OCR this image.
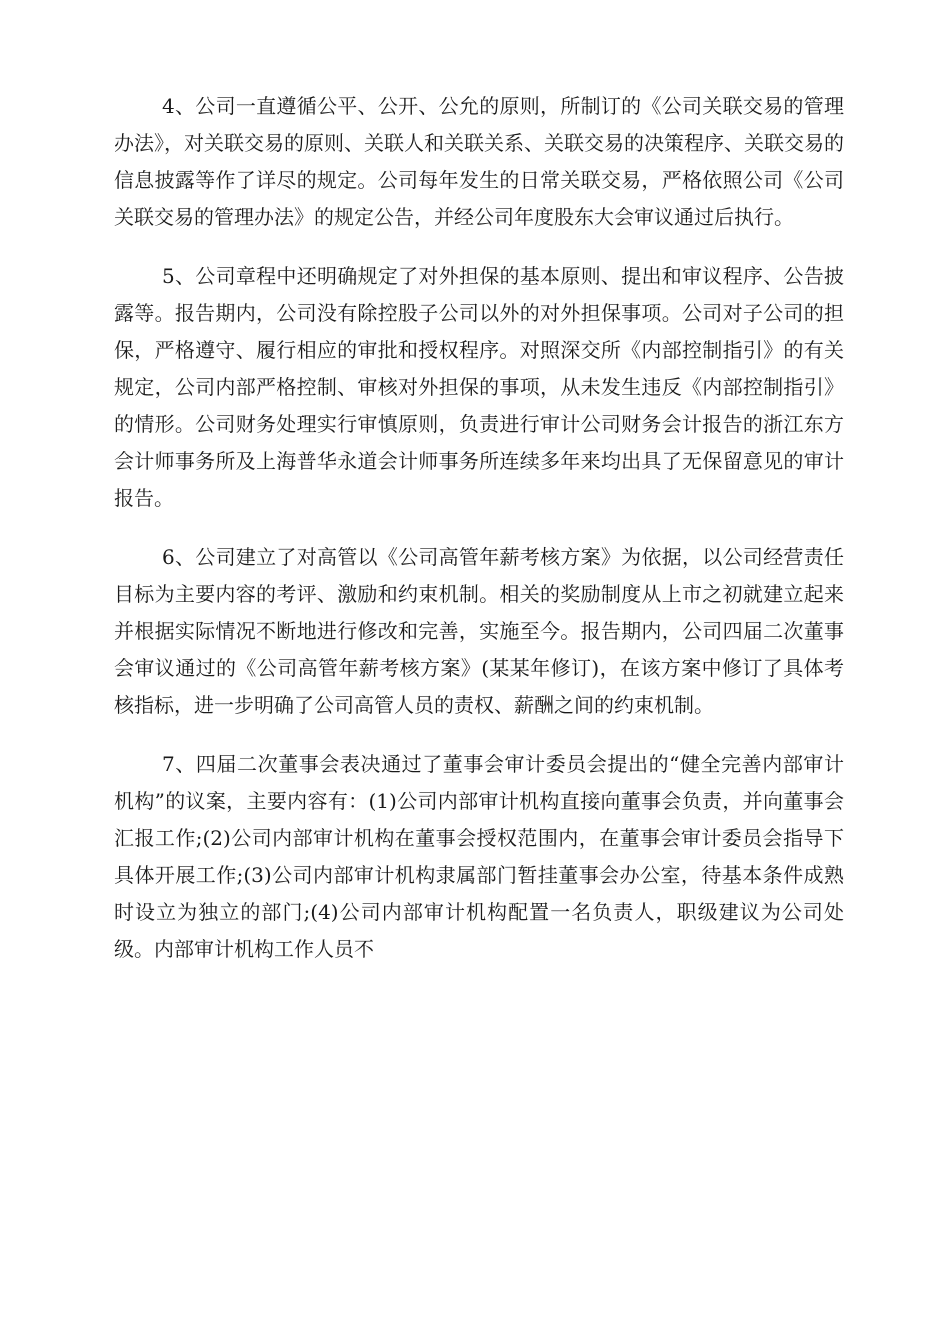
4、公司一直遵循公平、公开、公允的原则，所制订的《公司关联交易的管理办法》，对关联交易的原则、关联人和关联关系、关联交易的决策程序、关联交易的信息披露等作了详尽的规定。公司每年发生的日常关联交易，严格依照公司《公司关联交易的管理办法》的规定公告，并经公司年度股东大会审议通过后执行。

5、公司章程中还明确规定了对外担保的基本原则、提出和审议程序、公告披露等。报告期内，公司没有除控股子公司以外的对外担保事项。公司对子公司的担保，严格遵守、履行相应的审批和授权程序。对照深交所《内部控制指引》的有关规定，公司内部严格控制、审核对外担保的事项，从未发生违反《内部控制指引》的情形。公司财务处理实行审慎原则，负责进行审计公司财务会计报告的浙江东方会计师事务所及上海普华永道会计师事务所连续多年来均出具了无保留意见的审计报告。

6、公司建立了对高管以《公司高管年薪考核方案》为依据，以公司经营责任目标为主要内容的考评、激励和约束机制。相关的奖励制度从上市之初就建立起来并根据实际情况不断地进行修改和完善，实施至今。报告期内，公司四届二次董事会审议通过的《公司高管年薪考核方案》(某某年修订)，在该方案中修订了具体考核指标，进一步明确了公司高管人员的责权、薪酬之间的约束机制。

7、四届二次董事会表决通过了董事会审计委员会提出的“健全完善内部审计机构”的议案，主要内容有：(1)公司内部审计机构直接向董事会负责，并向董事会汇报工作;(2)公司内部审计机构在董事会授权范围内，在董事会审计委员会指导下具体开展工作;(3)公司内部审计机构隶属部门暂挂董事会办公室，待基本条件成熟时设立为独立的部门;(4)公司内部审计机构配置一名负责人，职级建议为公司处级。内部审计机构工作人员不
